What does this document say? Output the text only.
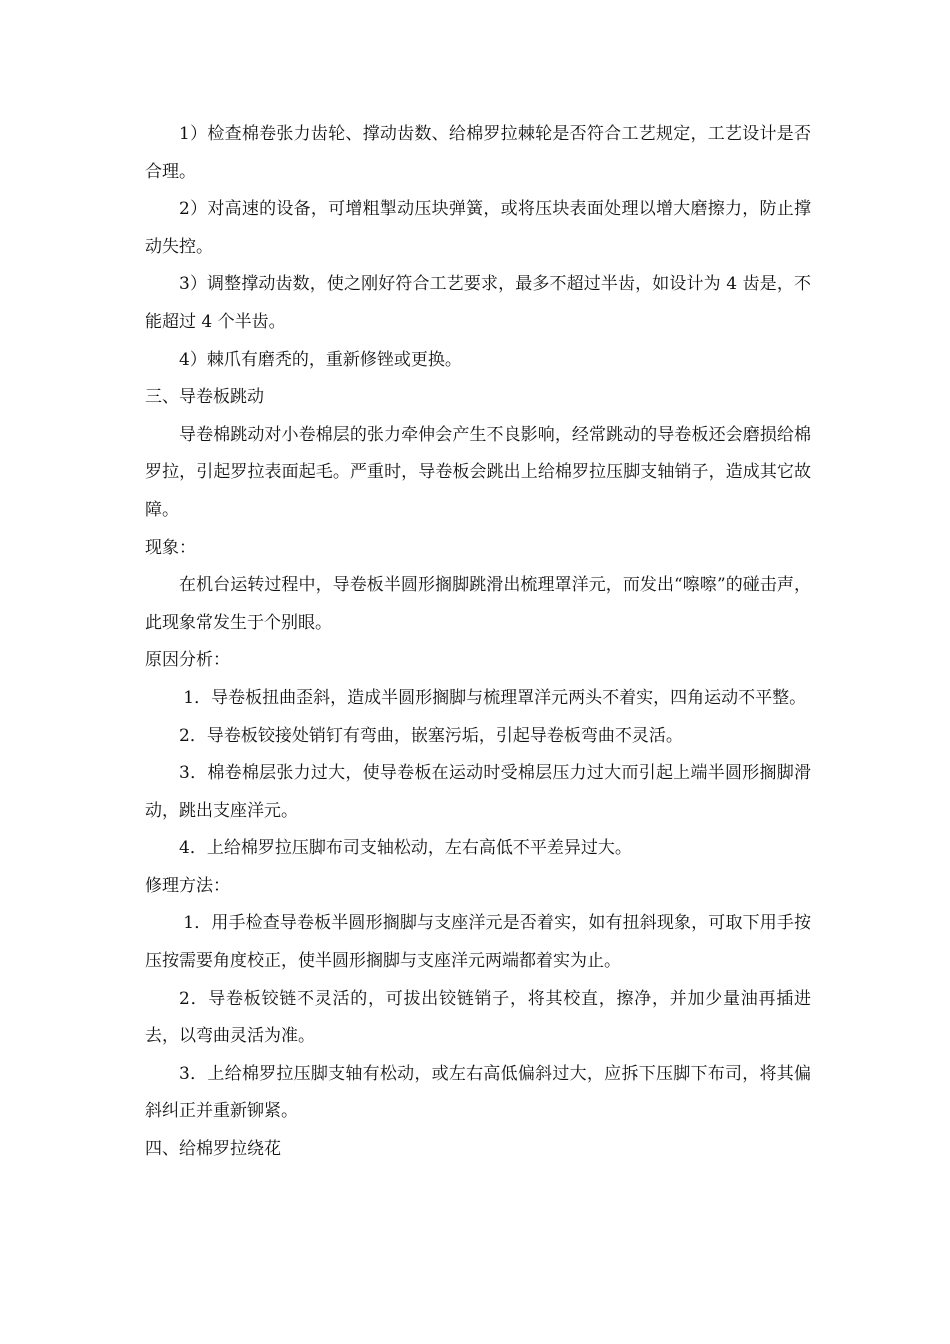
1）检查棉卷张力齿轮、撑动齿数、给棉罗拉棘轮是否符合工艺规定，工艺设计是否合理。

2）对高速的设备，可增粗掣动压块弹簧，或将压块表面处理以增大磨擦力，防止撑动失控。

3）调整撑动齿数，使之刚好符合工艺要求，最多不超过半齿，如设计为 4 齿是，不能超过 4 个半齿。

4）棘爪有磨秃的，重新修锉或更换。

三、导卷板跳动

导卷棉跳动对小卷棉层的张力牵伸会产生不良影响，经常跳动的导卷板还会磨损给棉罗拉，引起罗拉表面起毛。严重时，导卷板会跳出上给棉罗拉压脚支轴销子，造成其它故障。

现象：

在机台运转过程中，导卷板半圆形搁脚跳滑出梳理罩洋元，而发出“嚓嚓”的碰击声，此现象常发生于个别眼。

原因分析：

1．导卷板扭曲歪斜，造成半圆形搁脚与梳理罩洋元两头不着实，四角运动不平整。

2．导卷板铰接处销钉有弯曲，嵌塞污垢，引起导卷板弯曲不灵活。

3．棉卷棉层张力过大，使导卷板在运动时受棉层压力过大而引起上端半圆形搁脚滑动，跳出支座洋元。

4．上给棉罗拉压脚布司支轴松动，左右高低不平差异过大。

修理方法：

1．用手检查导卷板半圆形搁脚与支座洋元是否着实，如有扭斜现象，可取下用手按压按需要角度校正，使半圆形搁脚与支座洋元两端都着实为止。

2．导卷板铰链不灵活的，可拔出铰链销子，将其校直，擦净，并加少量油再插进去，以弯曲灵活为准。

3．上给棉罗拉压脚支轴有松动，或左右高低偏斜过大，应拆下压脚下布司，将其偏斜纠正并重新铆紧。

四、给棉罗拉绕花
